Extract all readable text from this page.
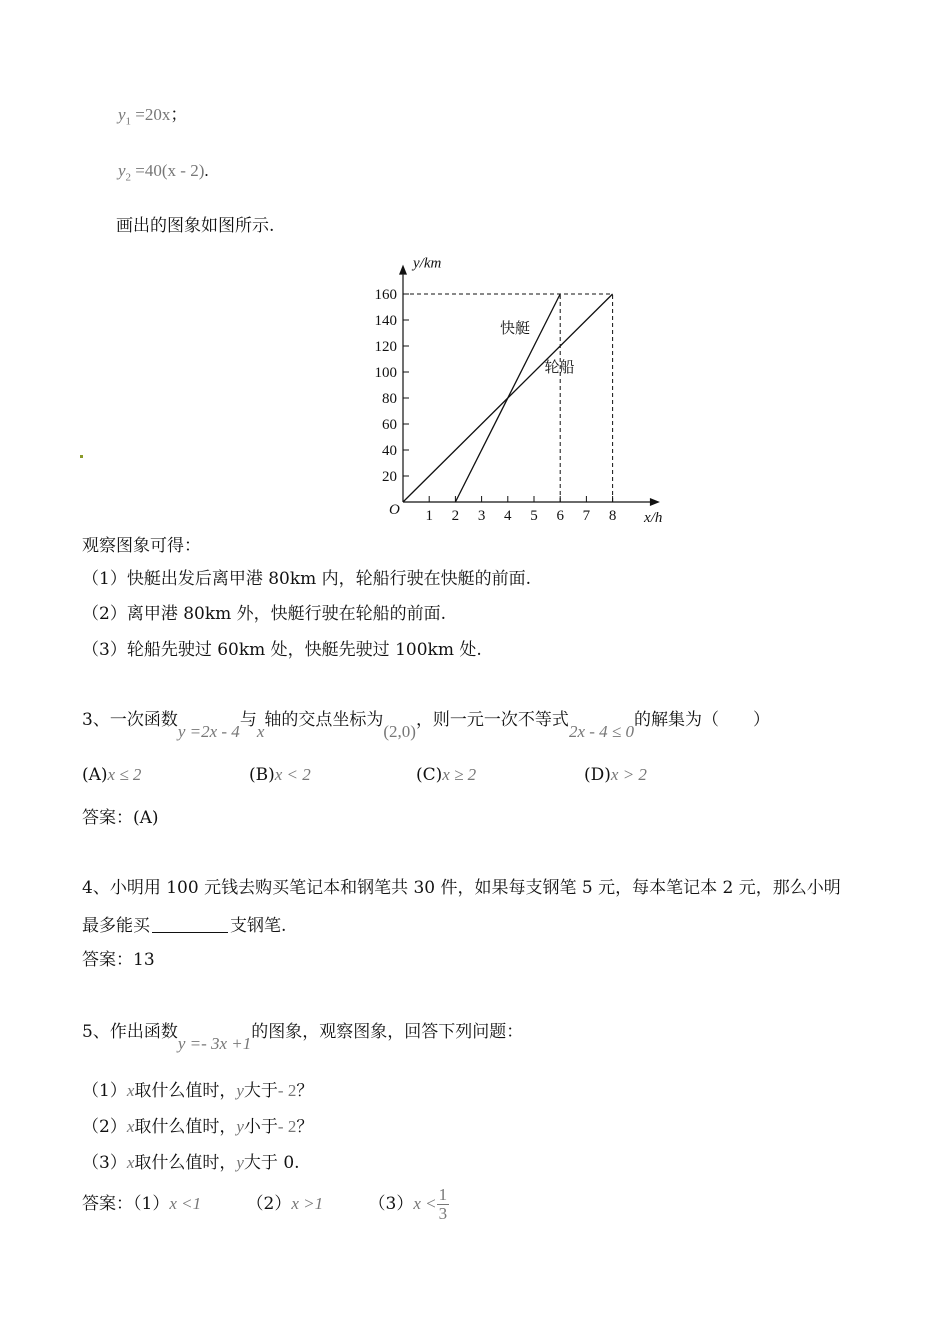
$y_1 =20x$；
$y_2 =40(x - 2)$.
画出的图象如图所示.
1 2 3 4 5 6 7 8
20
40
60
80
100
120
140
160
快艇
轮船
y/km
x/h
O
观察图象可得：
（1）快艇出发后离甲港 80km 内，轮船行驶在快艇的前面.
（2）离甲港 80km 外，快艇行驶在轮船的前面.
（3）轮船先驶过 60km 处，快艇先驶过 100km 处.
3、一次函数y =2x - 4与x轴的交点坐标为(2,0)，则一元一次不等式2x - 4 ≤ 0的解集为（　　）
(A)x ≤ 2	(B)x < 2	(C)x ≥ 2	(D)x > 2
答案：(A)
4、小明用 100 元钱去购买笔记本和钢笔共 30 件，如果每支钢笔 5 元，每本笔记本 2 元，那么小明
最多能买	支钢笔.
答案：13
5、作出函数y =- 3x +1的图象，观察图象，回答下列问题：
（1）x取什么值时，y大于- 2？
（2）x取什么值时，y小于- 2？
（3）x取什么值时，y大于 0.
答案：（1）x <1	（2）x >1	$(3)x < \frac{1}{3}$
